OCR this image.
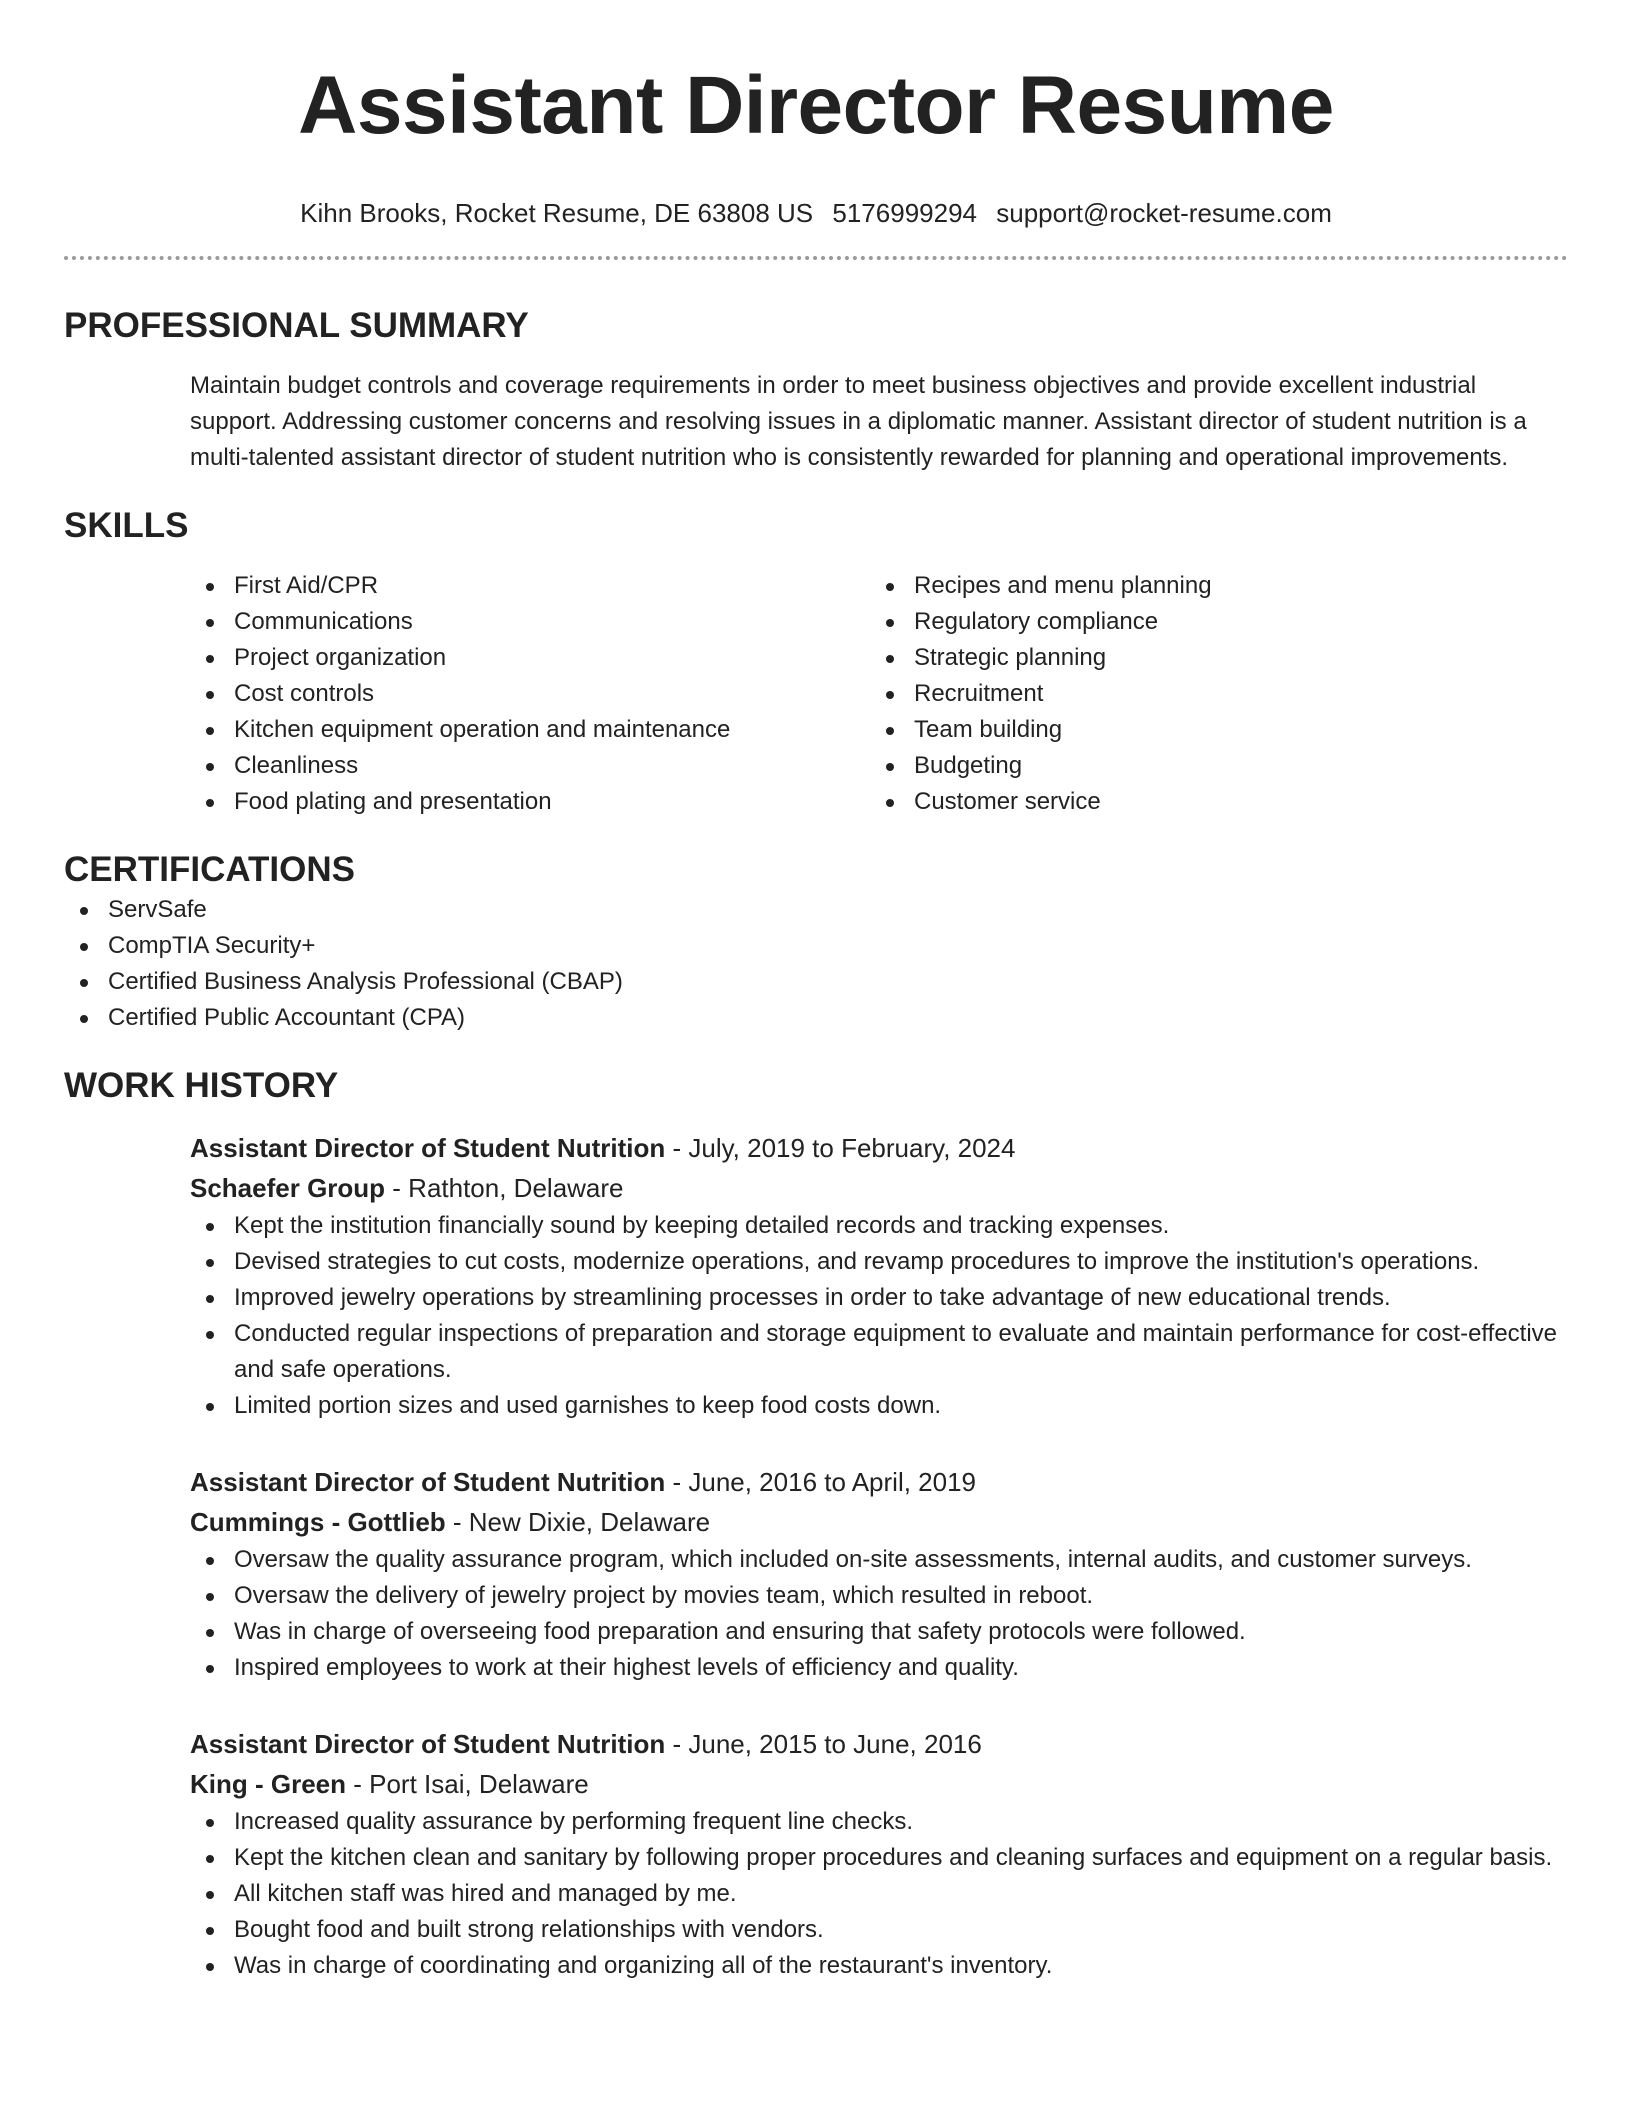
Assistant Director Resume
Kihn Brooks, Rocket Resume, DE 63808 US 5176999294 support@rocket-resume.com
PROFESSIONAL SUMMARY

Maintain budget controls and coverage requirements in order to meet business objectives and provide excellent industrial support. Addressing customer concerns and resolving issues in a diplomatic manner. Assistant director of student nutrition is a multi-talented assistant director of student nutrition who is consistently rewarded for planning and operational improvements.

SKILLS
First Aid/CPR
Communications
Project organization
Cost controls
Kitchen equipment operation and maintenance
Cleanliness
Food plating and presentation
Recipes and menu planning
Regulatory compliance
Strategic planning
Recruitment
Team building
Budgeting
Customer service
CERTIFICATIONS
ServSafe
CompTIA Security+
Certified Business Analysis Professional (CBAP)
Certified Public Accountant (CPA)
WORK HISTORY
Assistant Director of Student Nutrition - July, 2019 to February, 2024
Schaefer Group - Rathton, Delaware
Kept the institution financially sound by keeping detailed records and tracking expenses.
Devised strategies to cut costs, modernize operations, and revamp procedures to improve the institution's operations.
Improved jewelry operations by streamlining processes in order to take advantage of new educational trends.
Conducted regular inspections of preparation and storage equipment to evaluate and maintain performance for cost-effective and safe operations.
Limited portion sizes and used garnishes to keep food costs down.
Assistant Director of Student Nutrition - June, 2016 to April, 2019
Cummings - Gottlieb - New Dixie, Delaware
Oversaw the quality assurance program, which included on-site assessments, internal audits, and customer surveys.
Oversaw the delivery of jewelry project by movies team, which resulted in reboot.
Was in charge of overseeing food preparation and ensuring that safety protocols were followed.
Inspired employees to work at their highest levels of efficiency and quality.
Assistant Director of Student Nutrition - June, 2015 to June, 2016
King - Green - Port Isai, Delaware
Increased quality assurance by performing frequent line checks.
Kept the kitchen clean and sanitary by following proper procedures and cleaning surfaces and equipment on a regular basis.
All kitchen staff was hired and managed by me.
Bought food and built strong relationships with vendors.
Was in charge of coordinating and organizing all of the restaurant's inventory.
